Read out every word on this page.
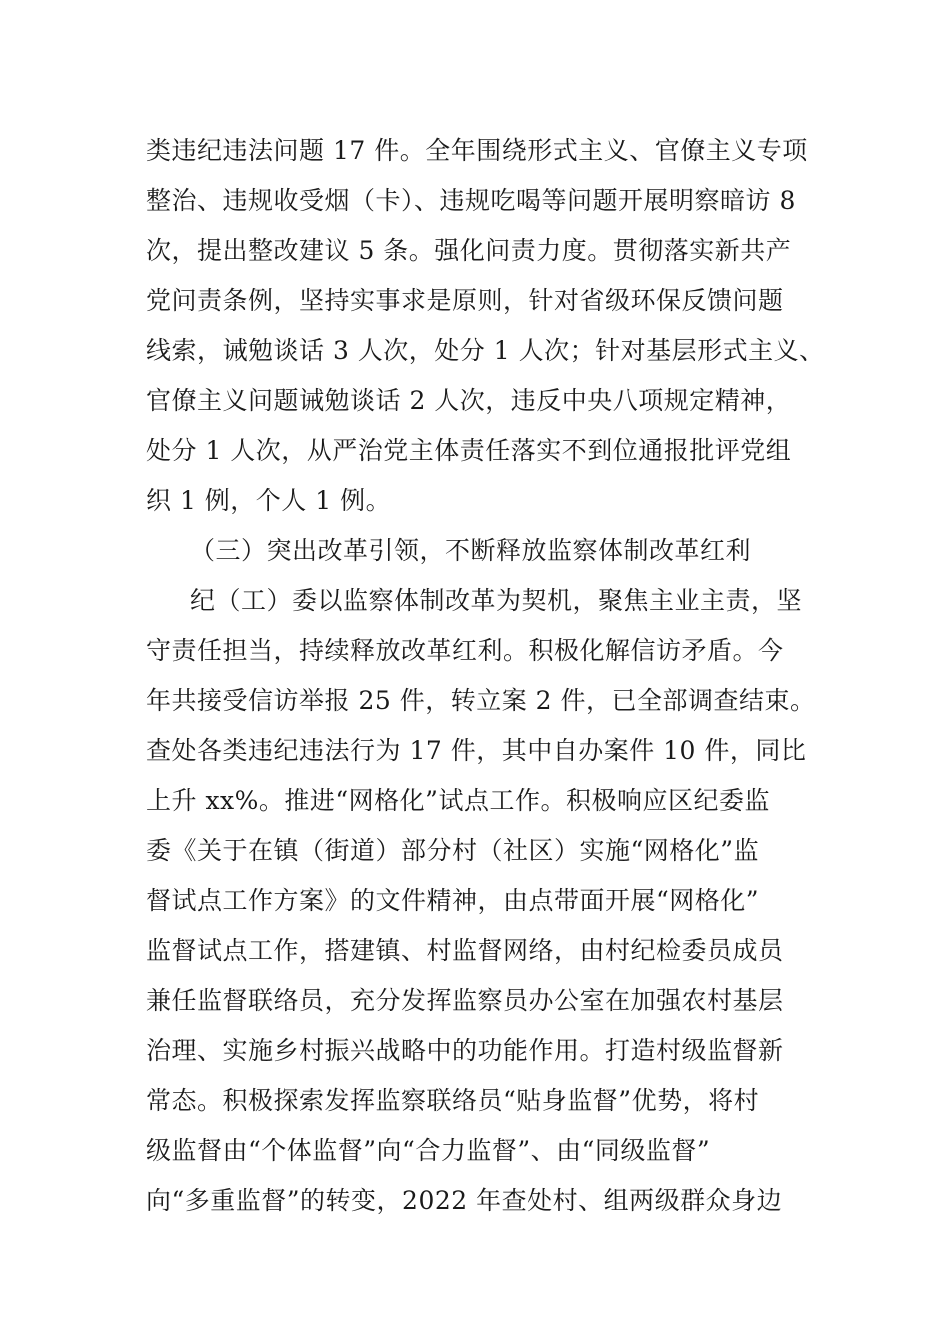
类违纪违法问题 17 件。全年围绕形式主义、官僚主义专项
整治、违规收受烟（卡）、违规吃喝等问题开展明察暗访 8
次，提出整改建议 5 条。强化问责力度。贯彻落实新共产
党问责条例，坚持实事求是原则，针对省级环保反馈问题
线索，诫勉谈话 3 人次，处分 1 人次；针对基层形式主义、
官僚主义问题诫勉谈话 2 人次，违反中央八项规定精神，
处分 1 人次，从严治党主体责任落实不到位通报批评党组
织 1 例，个人 1 例。
（三）突出改革引领，不断释放监察体制改革红利
纪（工）委以监察体制改革为契机，聚焦主业主责，坚
守责任担当，持续释放改革红利。积极化解信访矛盾。今
年共接受信访举报 25 件，转立案 2 件，已全部调查结束。
查处各类违纪违法行为 17 件，其中自办案件 10 件，同比
上升 xx%。推进“网格化”试点工作。积极响应区纪委监
委《关于在镇（街道）部分村（社区）实施“网格化”监
督试点工作方案》的文件精神，由点带面开展“网格化”
监督试点工作，搭建镇、村监督网络，由村纪检委员成员
兼任监督联络员，充分发挥监察员办公室在加强农村基层
治理、实施乡村振兴战略中的功能作用。打造村级监督新
常态。积极探索发挥监察联络员“贴身监督”优势，将村
级监督由“个体监督”向“合力监督”、由“同级监督”
向“多重监督”的转变，2022 年查处村、组两级群众身边
